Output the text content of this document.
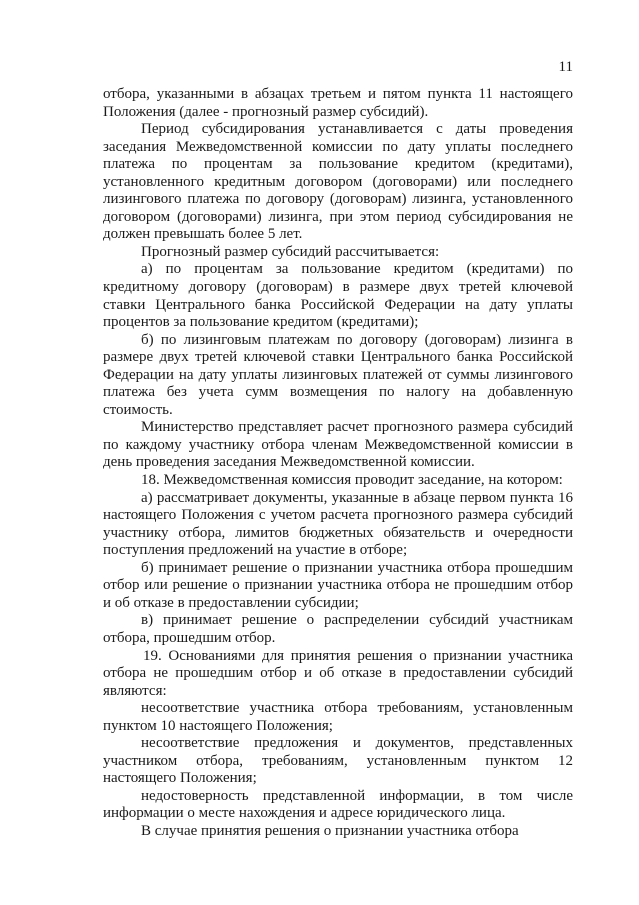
11

отбора, указанными в абзацах третьем и пятом пункта 11 настоящего Положения (далее - прогнозный размер субсидий).

Период субсидирования устанавливается с даты проведения заседания Межведомственной комиссии по дату уплаты последнего платежа по процентам за пользование кредитом (кредитами), установленного кредитным договором (договорами) или последнего лизингового платежа по договору (договорам) лизинга, установленного договором (договорами) лизинга, при этом период субсидирования не должен превышать более 5 лет.

Прогнозный размер субсидий рассчитывается:

а) по процентам за пользование кредитом (кредитами) по кредитному договору (договорам) в размере двух третей ключевой ставки Центрального банка Российской Федерации на дату уплаты процентов за пользование кредитом (кредитами);

б) по лизинговым платежам по договору (договорам) лизинга в размере двух третей ключевой ставки Центрального банка Российской Федерации на дату уплаты лизинговых платежей от суммы лизингового платежа без учета сумм возмещения по налогу на добавленную стоимость.

Министерство представляет расчет прогнозного размера субсидий по каждому участнику отбора членам Межведомственной комиссии в день проведения заседания Межведомственной комиссии.

18. Межведомственная комиссия проводит заседание, на котором:

а) рассматривает документы, указанные в абзаце первом пункта 16 настоящего Положения с учетом расчета прогнозного размера субсидий участнику отбора, лимитов бюджетных обязательств и очередности поступления предложений на участие в отборе;

б) принимает решение о признании участника отбора прошедшим отбор или решение о признании участника отбора не прошедшим отбор и об отказе в предоставлении субсидии;

в) принимает решение о распределении субсидий участникам отбора, прошедшим отбор.

19. Основаниями для принятия решения о признании участника отбора не прошедшим отбор и об отказе в предоставлении субсидий являются:

несоответствие участника отбора требованиям, установленным пунктом 10 настоящего Положения;

несоответствие предложения и документов, представленных участником отбора, требованиям, установленным пунктом 12 настоящего Положения;

недостоверность представленной информации, в том числе информации о месте нахождения и адресе юридического лица.

В случае принятия решения о признании участника отбора
